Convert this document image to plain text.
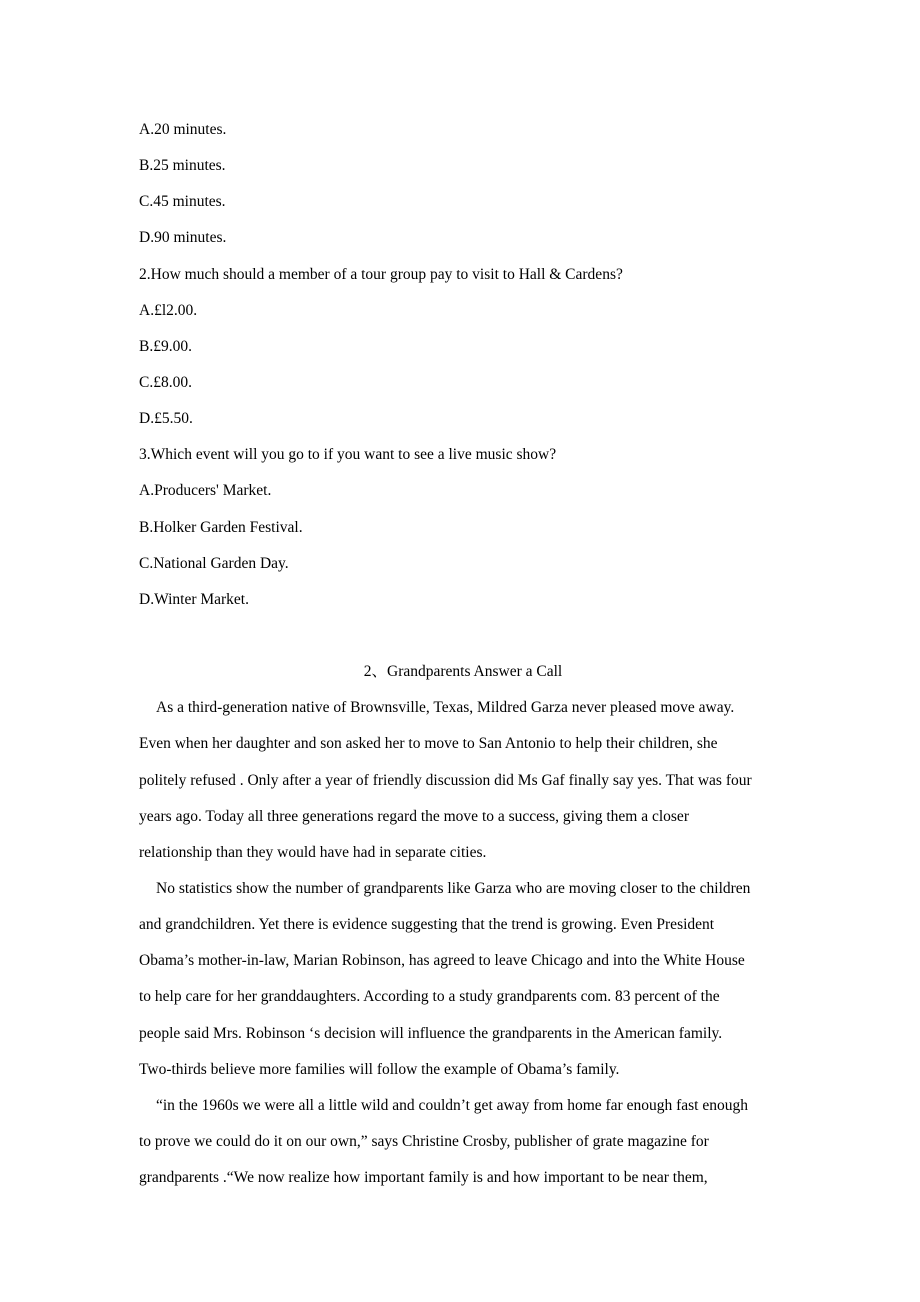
A.20 minutes.
B.25 minutes.
C.45 minutes.
D.90 minutes.
2.How much should a member of a tour group pay to visit to Hall & Cardens?
A.£l2.00.
B.£9.00.
C.£8.00.
D.£5.50.
3.Which event will you go to if you want to see a live music show?
A.Producers' Market.
B.Holker Garden Festival.
C.National Garden Day.
D.Winter Market.
2、Grandparents Answer a Call
As a third-generation native of Brownsville, Texas, Mildred Garza never pleased move away.
Even when her daughter and son asked her to move to San Antonio to help their children, she
politely refused . Only after a year of friendly discussion did Ms Gaf finally say yes. That was four
years ago. Today all three generations regard the move to a success, giving them a closer
relationship than they would have had in separate cities.
No statistics show the number of grandparents like Garza who are moving closer to the children
and grandchildren. Yet there is evidence suggesting that the trend is growing. Even President
Obama’s mother-in-law, Marian Robinson, has agreed to leave Chicago and into the White House
to help care for her granddaughters. According to a study grandparents com. 83 percent of the
people said Mrs. Robinson ‘s decision will influence the grandparents in the American family.
Two-thirds believe more families will follow the example of Obama’s family.
“in the 1960s we were all a little wild and couldn’t get away from home far enough fast enough
to prove we could do it on our own,” says Christine Crosby, publisher of grate magazine for
grandparents .“We now realize how important family is and how important to be near them,
